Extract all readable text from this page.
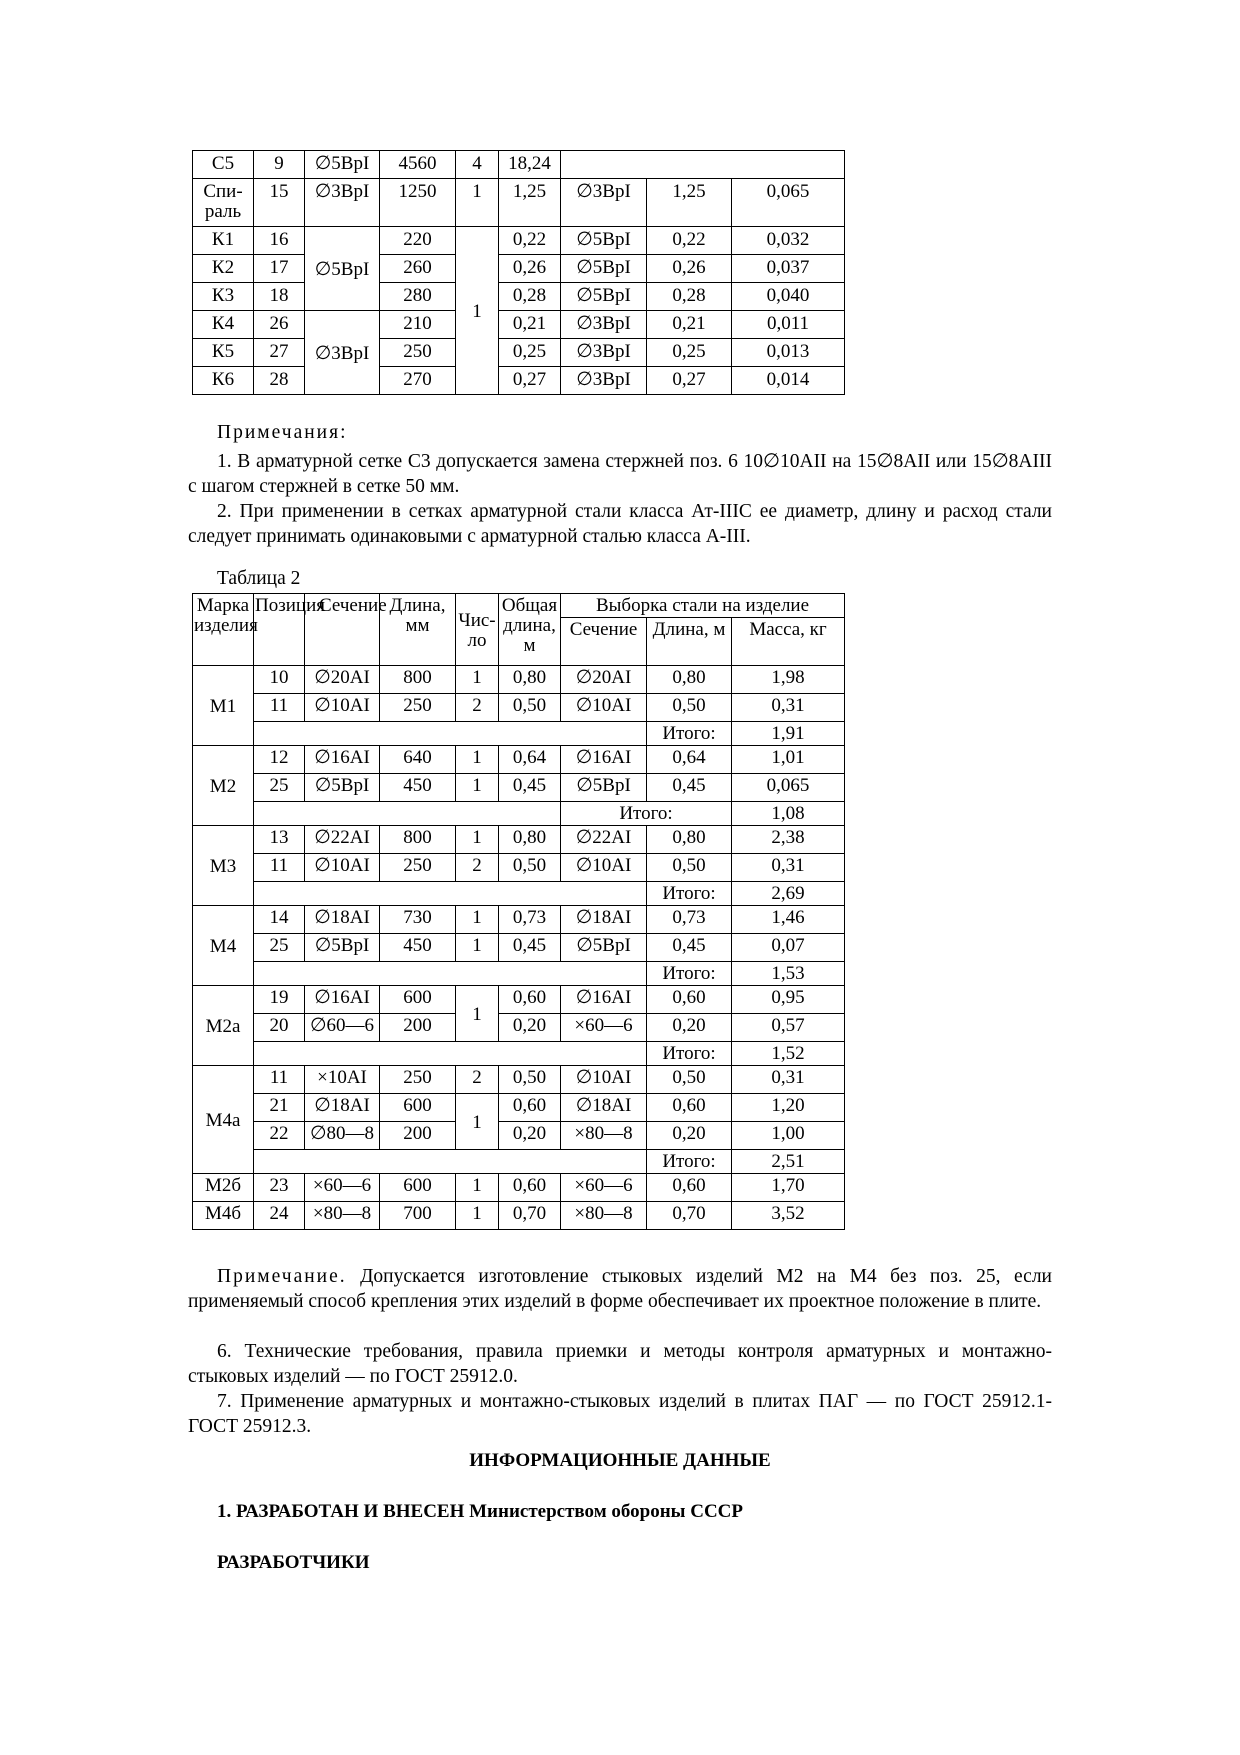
С5	9	∅5ВрI	4560	4	18,24			
Спи-раль	15	∅3ВрI	1250	1	1,25	∅3ВрI	1,25	0,065
К1	16	∅5ВрI	220	1	0,22	∅5ВрI	0,22	0,032
К2	17		260		0,26	∅5ВрI	0,26	0,037
К3	18		280		0,28	∅5ВрI	0,28	0,040
К4	26	∅3ВрI	210		0,21	∅3ВрI	0,21	0,011
К5	27		250		0,25	∅3ВрI	0,25	0,013
К6	28		270		0,27	∅3ВрI	0,27	0,014
Примечания:
1. В арматурной сетке С3 допускается замена стержней поз. 6 10∅10АII на 15∅8АII или 15∅8АIII с шагом стержней в сетке 50 мм.
2. При применении в сетках арматурной стали класса Ат-IIIС ее диаметр, длину и расход стали следует принимать одинаковыми с арматурной сталью класса А-III.
Таблица 2
Марка изделия	Позиция	Сечение	Длина, мм	Чис-ло	Общая длина, м	Выборка стали на изделие		
						Сечение	Длина, м	Масса, кг
М1	10	∅20АI	800	1	0,80	∅20АI	0,80	1,98
	11	∅10АI	250	2	0,50	∅10АI	0,50	0,31
							Итого:	1,91
М2	12	∅16АI	640	1	0,64	∅16АI	0,64	1,01
	25	∅5ВрI	450	1	0,45	∅5ВрI	0,45	0,065
						Итого:		1,08
М3	13	∅22АI	800	1	0,80	∅22АI	0,80	2,38
	11	∅10АI	250	2	0,50	∅10АI	0,50	0,31
							Итого:	2,69
М4	14	∅18АI	730	1	0,73	∅18АI	0,73	1,46
	25	∅5ВрI	450	1	0,45	∅5ВрI	0,45	0,07
							Итого:	1,53
М2а	19	∅16АI	600	1	0,60	∅16АI	0,60	0,95
	20	∅60—6	200		0,20	×60—6	0,20	0,57
							Итого:	1,52
М4а	11	×10АI	250	2	0,50	∅10АI	0,50	0,31
	21	∅18АI	600	1	0,60	∅18АI	0,60	1,20
	22	∅80—8	200		0,20	×80—8	0,20	1,00
							Итого:	2,51
М2б	23	×60—6	600	1	0,60	×60—6	0,60	1,70
М4б	24	×80—8	700	1	0,70	×80—8	0,70	3,52
Примечание. Допускается изготовление стыковых изделий М2 на М4 без поз. 25, если применяемый способ крепления этих изделий в форме обеспечивает их проектное положение в плите.
6. Технические требования, правила приемки и методы контроля арматурных и монтажно-стыковых изделий — по ГОСТ 25912.0.
7. Применение арматурных и монтажно-стыковых изделий в плитах ПАГ — по ГОСТ 25912.1-ГОСТ 25912.3.
ИНФОРМАЦИОННЫЕ ДАННЫЕ
1. РАЗРАБОТАН И ВНЕСЕН Министерством обороны СССР
РАЗРАБОТЧИКИ
